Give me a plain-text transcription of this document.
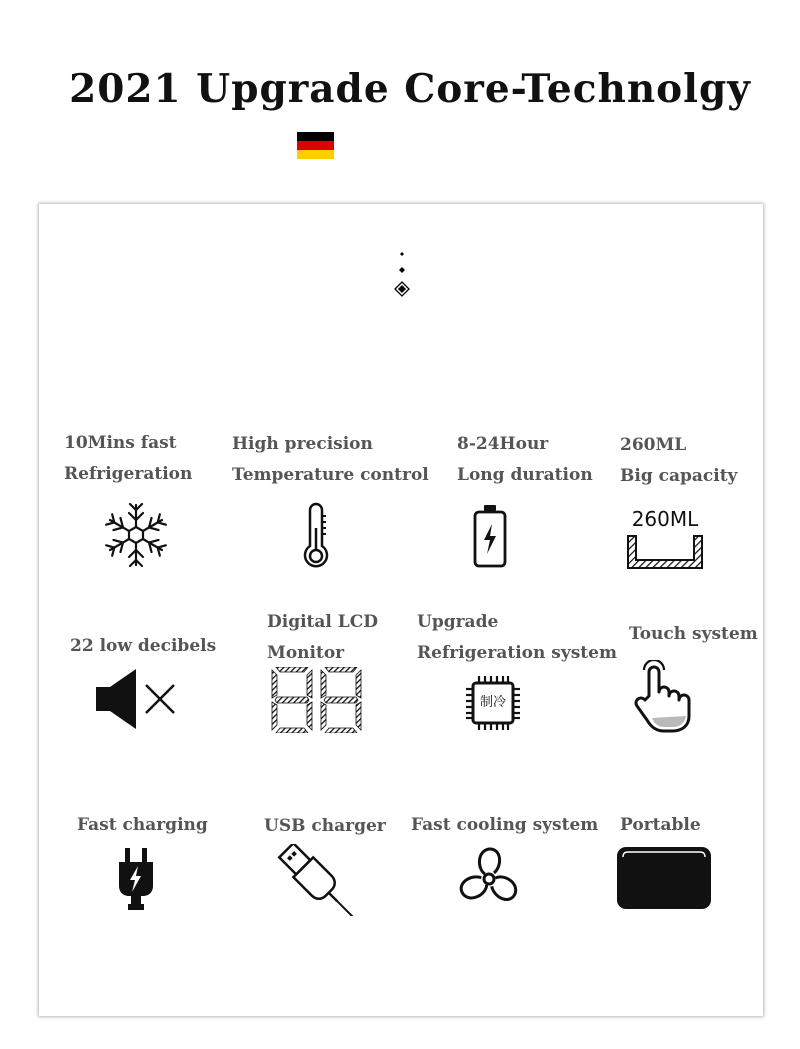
2021 Upgrade Core-Technolgy
10Mins fast
Refrigeration
High precision
Temperature control
8-24Hour
Long duration
260ML
Big capacity
260ML
22 low decibels
Digital LCD
Monitor
Upgrade
Refrigeration system
Touch system
制冷
Fast charging	USB charger Fast cooling system Portable
